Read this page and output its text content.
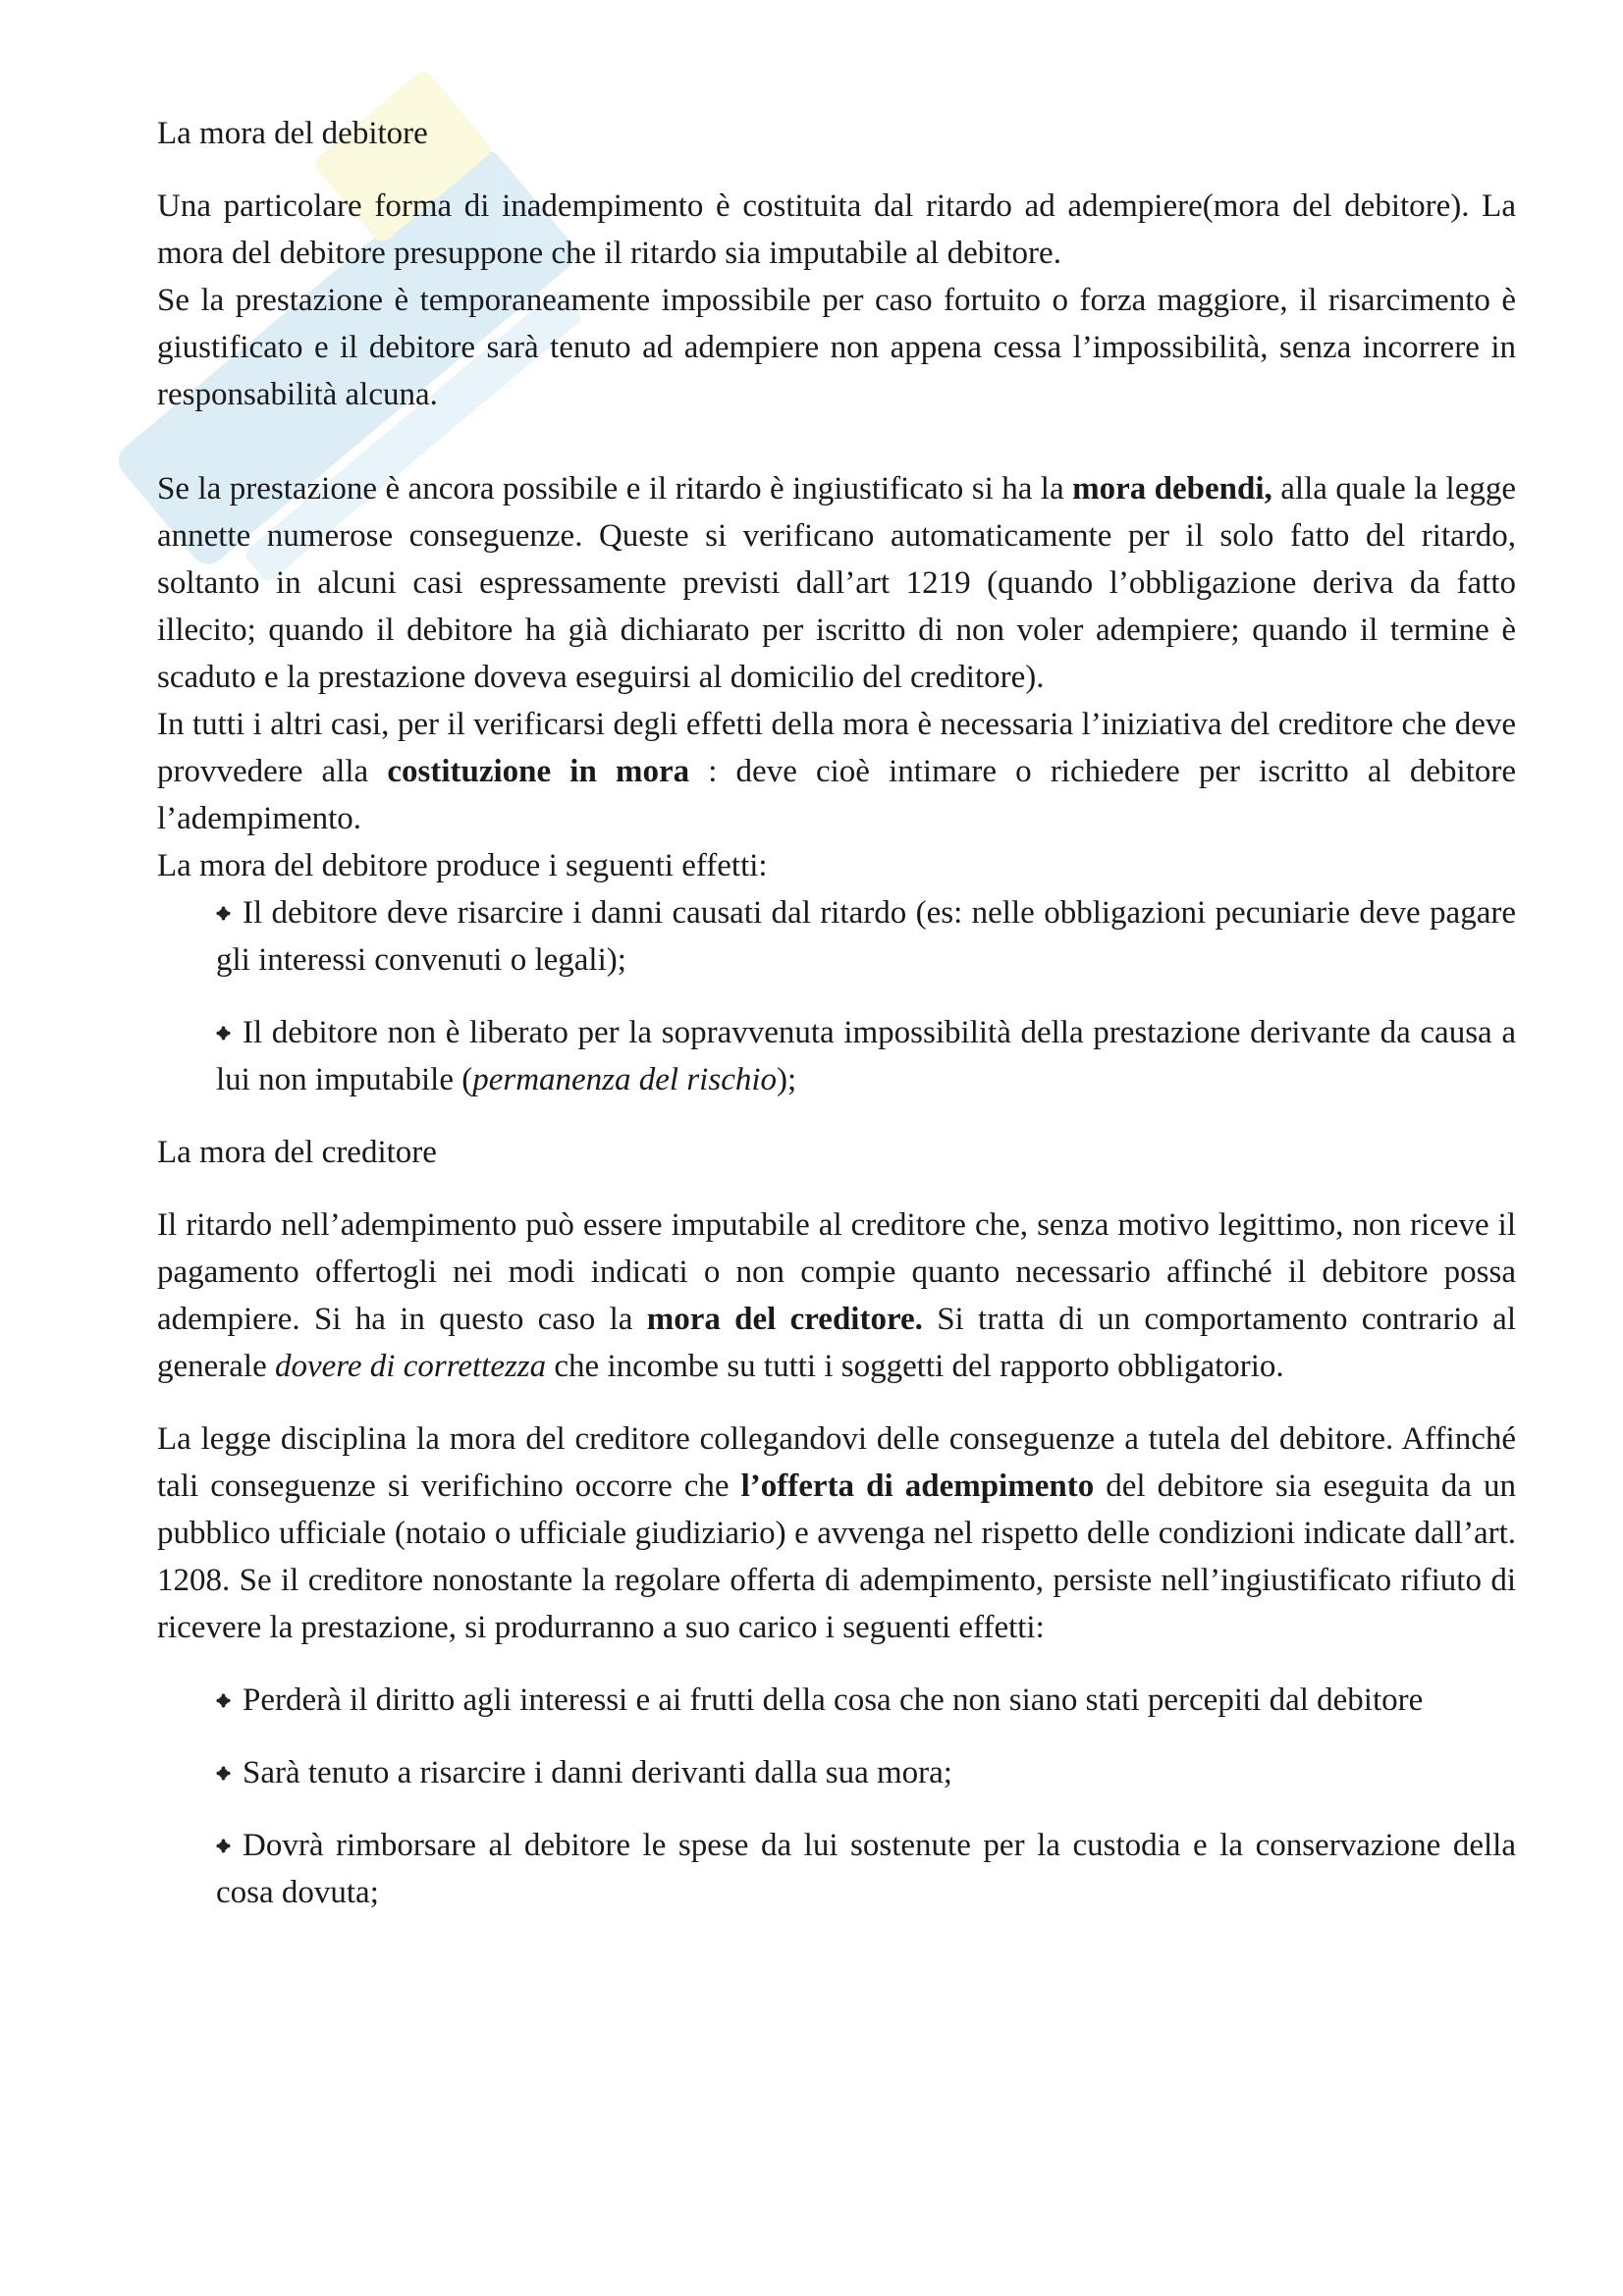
La mora del debitore

Una particolare forma di inadempimento è costituita dal ritardo ad adempiere(mora del debitore). La mora del debitore presuppone che il ritardo sia imputabile al debitore.

Se la prestazione è temporaneamente impossibile per caso fortuito o forza maggiore, il risarcimento è giustificato e il debitore sarà tenuto ad adempiere non appena cessa l’impossibilità, senza incorrere in responsabilità alcuna.

Se la prestazione è ancora possibile e il ritardo è ingiustificato si ha la mora debendi, alla quale la legge annette numerose conseguenze. Queste si verificano automaticamente per il solo fatto del ritardo, soltanto in alcuni casi espressamente previsti dall’art 1219 (quando l’obbligazione deriva da fatto illecito; quando il debitore ha già dichiarato per iscritto di non voler adempiere; quando il termine è scaduto e la prestazione doveva eseguirsi al domicilio del creditore).

In tutti i altri casi, per il verificarsi degli effetti della mora è necessaria l’iniziativa del creditore che deve provvedere alla costituzione in mora : deve cioè intimare o richiedere per iscritto al debitore l’adempimento.

La mora del debitore produce i seguenti effetti:

Il debitore deve risarcire i danni causati dal ritardo (es: nelle obbligazioni pecuniarie deve pagare gli interessi convenuti o legali);
Il debitore non è liberato per la sopravvenuta impossibilità della prestazione derivante da causa a lui non imputabile (permanenza del rischio);

La mora del creditore

Il ritardo nell’adempimento può essere imputabile al creditore che, senza motivo legittimo, non riceve il pagamento offertogli nei modi indicati o non compie quanto necessario affinché il debitore possa adempiere. Si ha in questo caso la mora del creditore. Si tratta di un comportamento contrario al generale dovere di correttezza che incombe su tutti i soggetti del rapporto obbligatorio.

La legge disciplina la mora del creditore collegandovi delle conseguenze a tutela del debitore. Affinché tali conseguenze si verifichino occorre che l’offerta di adempimento del debitore sia eseguita da un pubblico ufficiale (notaio o ufficiale giudiziario) e avvenga nel rispetto delle condizioni indicate dall’art. 1208. Se il creditore nonostante la regolare offerta di adempimento, persiste nell’ingiustificato rifiuto di ricevere la prestazione, si produrranno a suo carico i seguenti effetti:

Perderà il diritto agli interessi e ai frutti della cosa che non siano stati percepiti dal debitore
Sarà tenuto a risarcire i danni derivanti dalla sua mora;
Dovrà rimborsare al debitore le spese da lui sostenute per la custodia e la conservazione della cosa dovuta;
